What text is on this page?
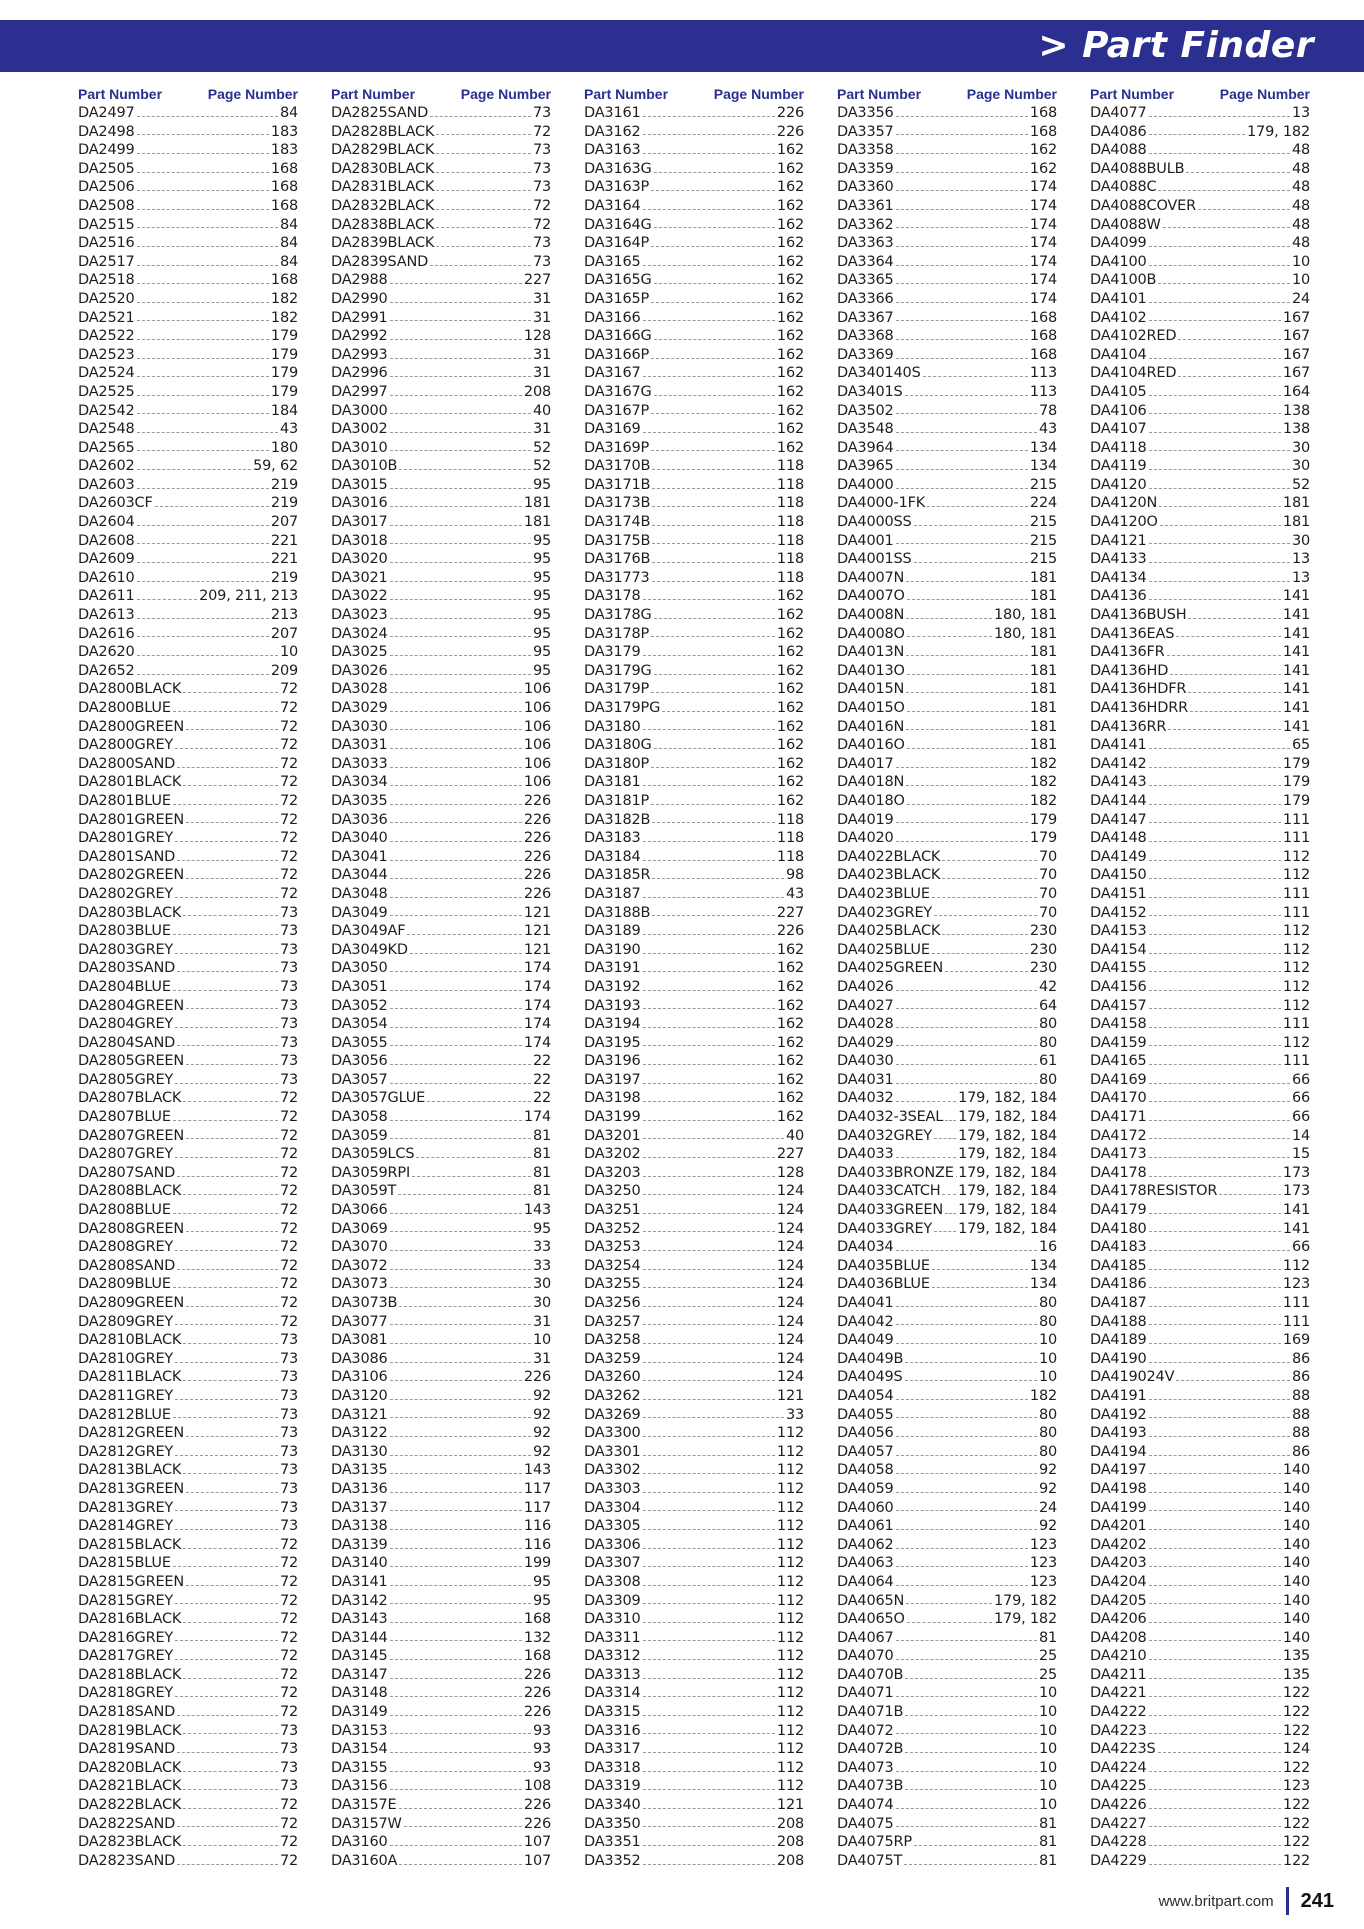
> Part Finder
Part Number	Page Number
DA2497	84
DA2498	183
DA2499	183
DA2505	168
DA2506	168
DA2508	168
DA2515	84
DA2516	84
DA2517	84
DA2518	168
DA2520	182
DA2521	182
DA2522	179
DA2523	179
DA2524	179
DA2525	179
DA2542	184
DA2548	43
DA2565	180
DA2602	59, 62
DA2603	219
DA2603CF	219
DA2604	207
DA2608	221
DA2609	221
DA2610	219
DA2611	209, 211, 213
DA2613	213
DA2616	207
DA2620	10
DA2652	209
DA2800BLACK	72
DA2800BLUE	72
DA2800GREEN	72
DA2800GREY	72
DA2800SAND	72
DA2801BLACK	72
DA2801BLUE	72
DA2801GREEN	72
DA2801GREY	72
DA2801SAND	72
DA2802GREEN	72
DA2802GREY	72
DA2803BLACK	73
DA2803BLUE	73
DA2803GREY	73
DA2803SAND	73
DA2804BLUE	73
DA2804GREEN	73
DA2804GREY	73
DA2804SAND	73
DA2805GREEN	73
DA2805GREY	73
DA2807BLACK	72
DA2807BLUE	72
DA2807GREEN	72
DA2807GREY	72
DA2807SAND	72
DA2808BLACK	72
DA2808BLUE	72
DA2808GREEN	72
DA2808GREY	72
DA2808SAND	72
DA2809BLUE	72
DA2809GREEN	72
DA2809GREY	72
DA2810BLACK	73
DA2810GREY	73
DA2811BLACK	73
DA2811GREY	73
DA2812BLUE	73
DA2812GREEN	73
DA2812GREY	73
DA2813BLACK	73
DA2813GREEN	73
DA2813GREY	73
DA2814GREY	73
DA2815BLACK	72
DA2815BLUE	72
DA2815GREEN	72
DA2815GREY	72
DA2816BLACK	72
DA2816GREY	72
DA2817GREY	72
DA2818BLACK	72
DA2818GREY	72
DA2818SAND	72
DA2819BLACK	73
DA2819SAND	73
DA2820BLACK	73
DA2821BLACK	73
DA2822BLACK	72
DA2822SAND	72
DA2823BLACK	72
DA2823SAND	72
Part Number	Page Number
DA2825SAND	73
DA2828BLACK	72
DA2829BLACK	73
DA2830BLACK	73
DA2831BLACK	73
DA2832BLACK	72
DA2838BLACK	72
DA2839BLACK	73
DA2839SAND	73
DA2988	227
DA2990	31
DA2991	31
DA2992	128
DA2993	31
DA2996	31
DA2997	208
DA3000	40
DA3002	31
DA3010	52
DA3010B	52
DA3015	95
DA3016	181
DA3017	181
DA3018	95
DA3020	95
DA3021	95
DA3022	95
DA3023	95
DA3024	95
DA3025	95
DA3026	95
DA3028	106
DA3029	106
DA3030	106
DA3031	106
DA3033	106
DA3034	106
DA3035	226
DA3036	226
DA3040	226
DA3041	226
DA3044	226
DA3048	226
DA3049	121
DA3049AF	121
DA3049KD	121
DA3050	174
DA3051	174
DA3052	174
DA3054	174
DA3055	174
DA3056	22
DA3057	22
DA3057GLUE	22
DA3058	174
DA3059	81
DA3059LCS	81
DA3059RPI	81
DA3059T	81
DA3066	143
DA3069	95
DA3070	33
DA3072	33
DA3073	30
DA3073B	30
DA3077	31
DA3081	10
DA3086	31
DA3106	226
DA3120	92
DA3121	92
DA3122	92
DA3130	92
DA3135	143
DA3136	117
DA3137	117
DA3138	116
DA3139	116
DA3140	199
DA3141	95
DA3142	95
DA3143	168
DA3144	132
DA3145	168
DA3147	226
DA3148	226
DA3149	226
DA3153	93
DA3154	93
DA3155	93
DA3156	108
DA3157E	226
DA3157W	226
DA3160	107
DA3160A	107
Part Number	Page Number
DA3161	226
DA3162	226
DA3163	162
DA3163G	162
DA3163P	162
DA3164	162
DA3164G	162
DA3164P	162
DA3165	162
DA3165G	162
DA3165P	162
DA3166	162
DA3166G	162
DA3166P	162
DA3167	162
DA3167G	162
DA3167P	162
DA3169	162
DA3169P	162
DA3170B	118
DA3171B	118
DA3173B	118
DA3174B	118
DA3175B	118
DA3176B	118
DA31773	118
DA3178	162
DA3178G	162
DA3178P	162
DA3179	162
DA3179G	162
DA3179P	162
DA3179PG	162
DA3180	162
DA3180G	162
DA3180P	162
DA3181	162
DA3181P	162
DA3182B	118
DA3183	118
DA3184	118
DA3185R	98
DA3187	43
DA3188B	227
DA3189	226
DA3190	162
DA3191	162
DA3192	162
DA3193	162
DA3194	162
DA3195	162
DA3196	162
DA3197	162
DA3198	162
DA3199	162
DA3201	40
DA3202	227
DA3203	128
DA3250	124
DA3251	124
DA3252	124
DA3253	124
DA3254	124
DA3255	124
DA3256	124
DA3257	124
DA3258	124
DA3259	124
DA3260	124
DA3262	121
DA3269	33
DA3300	112
DA3301	112
DA3302	112
DA3303	112
DA3304	112
DA3305	112
DA3306	112
DA3307	112
DA3308	112
DA3309	112
DA3310	112
DA3311	112
DA3312	112
DA3313	112
DA3314	112
DA3315	112
DA3316	112
DA3317	112
DA3318	112
DA3319	112
DA3340	121
DA3350	208
DA3351	208
DA3352	208
Part Number	Page Number
DA3356	168
DA3357	168
DA3358	162
DA3359	162
DA3360	174
DA3361	174
DA3362	174
DA3363	174
DA3364	174
DA3365	174
DA3366	174
DA3367	168
DA3368	168
DA3369	168
DA340140S	113
DA3401S	113
DA3502	78
DA3548	43
DA3964	134
DA3965	134
DA4000	215
DA4000-1FK	224
DA4000SS	215
DA4001	215
DA4001SS	215
DA4007N	181
DA4007O	181
DA4008N	180, 181
DA4008O	180, 181
DA4013N	181
DA4013O	181
DA4015N	181
DA4015O	181
DA4016N	181
DA4016O	181
DA4017	182
DA4018N	182
DA4018O	182
DA4019	179
DA4020	179
DA4022BLACK	70
DA4023BLACK	70
DA4023BLUE	70
DA4023GREY	70
DA4025BLACK	230
DA4025BLUE	230
DA4025GREEN	230
DA4026	42
DA4027	64
DA4028	80
DA4029	80
DA4030	61
DA4031	80
DA4032	179, 182, 184
DA4032-3SEAL 179, 182, 184
DA4032GREY 179, 182, 184
DA4033	179, 182, 184
DA4033BRONZE 179, 182, 184
DA4033CATCH 179, 182, 184
DA4033GREEN 179, 182, 184
DA4033GREY 179, 182, 184
DA4034	16
DA4035BLUE	134
DA4036BLUE	134
DA4041	80
DA4042	80
DA4049	10
DA4049B	10
DA4049S	10
DA4054	182
DA4055	80
DA4056	80
DA4057	80
DA4058	92
DA4059	92
DA4060	24
DA4061	92
DA4062	123
DA4063	123
DA4064	123
DA4065N	179, 182
DA4065O	179, 182
DA4067	81
DA4070	25
DA4070B	25
DA4071	10
DA4071B	10
DA4072	10
DA4072B	10
DA4073	10
DA4073B	10
DA4074	10
DA4075	81
DA4075RP	81
DA4075T	81
Part Number	Page Number
DA4077	13
DA4086	179, 182
DA4088	48
DA4088BULB	48
DA4088C	48
DA4088COVER	48
DA4088W	48
DA4099	48
DA4100	10
DA4100B	10
DA4101	24
DA4102	167
DA4102RED	167
DA4104	167
DA4104RED	167
DA4105	164
DA4106	138
DA4107	138
DA4118	30
DA4119	30
DA4120	52
DA4120N	181
DA4120O	181
DA4121	30
DA4133	13
DA4134	13
DA4136	141
DA4136BUSH	141
DA4136EAS	141
DA4136FR	141
DA4136HD	141
DA4136HDFR	141
DA4136HDRR	141
DA4136RR	141
DA4141	65
DA4142	179
DA4143	179
DA4144	179
DA4147	111
DA4148	111
DA4149	112
DA4150	112
DA4151	111
DA4152	111
DA4153	112
DA4154	112
DA4155	112
DA4156	112
DA4157	112
DA4158	111
DA4159	112
DA4165	111
DA4169	66
DA4170	66
DA4171	66
DA4172	14
DA4173	15
DA4178	173
DA4178RESISTOR	173
DA4179	141
DA4180	141
DA4183	66
DA4185	112
DA4186	123
DA4187	111
DA4188	111
DA4189	169
DA4190	86
DA419024V	86
DA4191	88
DA4192	88
DA4193	88
DA4194	86
DA4197	140
DA4198	140
DA4199	140
DA4201	140
DA4202	140
DA4203	140
DA4204	140
DA4205	140
DA4206	140
DA4208	140
DA4210	135
DA4211	135
DA4221	122
DA4222	122
DA4223	122
DA4223S	124
DA4224	122
DA4225	123
DA4226	122
DA4227	122
DA4228	122
DA4229	122
www.britpart.com 241
